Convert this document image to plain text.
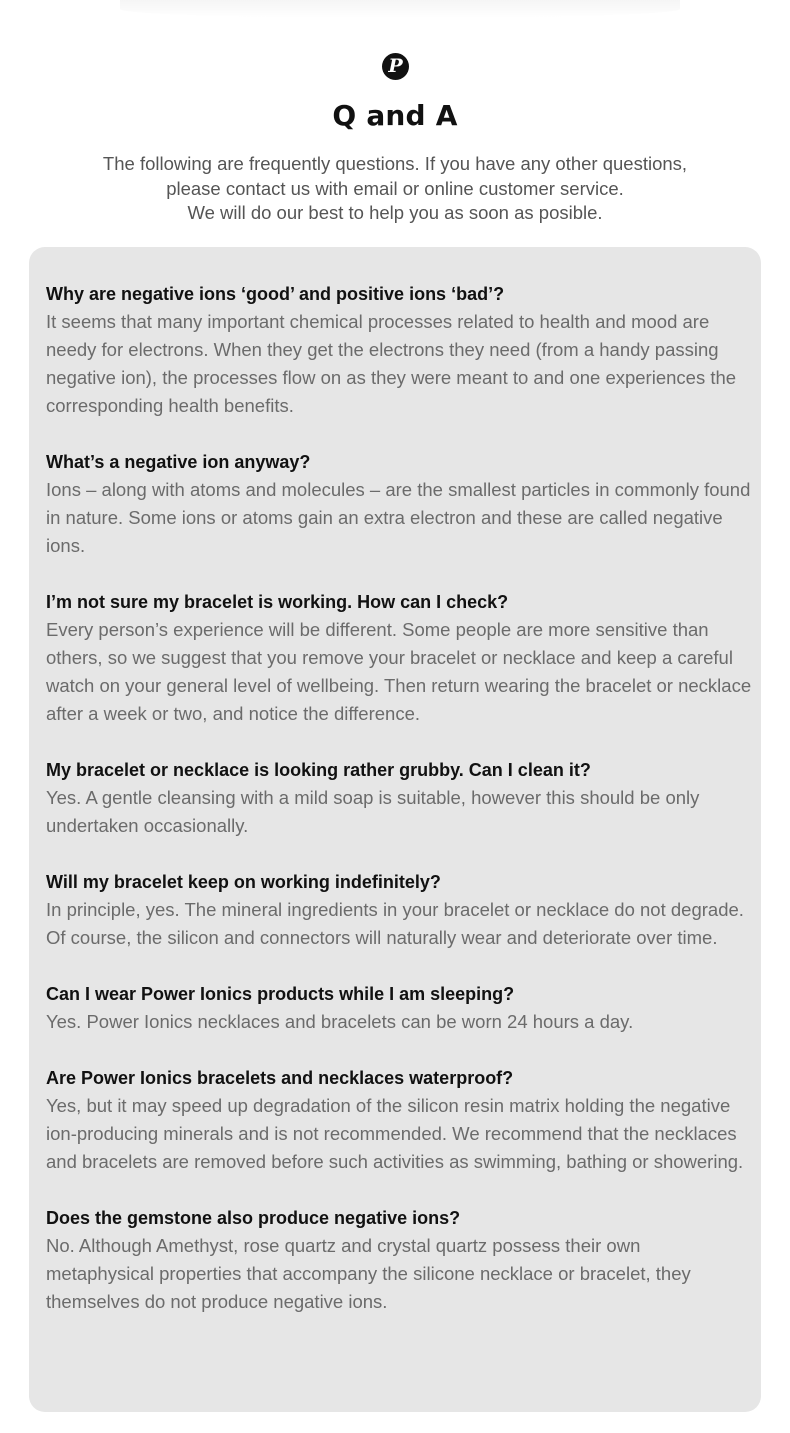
P
Q and A
The following are frequently questions. If you have any other questions,
please contact us with email or online customer service.
We will do our best to help you as soon as posible.
Why are negative ions ‘good’ and positive ions ‘bad’?
It seems that many important chemical processes related to health and mood are needy for electrons. When they get the electrons they need (from a handy passing negative ion), the processes flow on as they were meant to and one experiences the corresponding health benefits.
What’s a negative ion anyway?
Ions – along with atoms and molecules – are the smallest particles in commonly found in nature. Some ions or atoms gain an extra electron and these are called negative ions.
I’m not sure my bracelet is working. How can I check?
Every person’s experience will be different. Some people are more sensitive than others, so we suggest that you remove your bracelet or necklace and keep a careful watch on your general level of wellbeing. Then return wearing the bracelet or necklace after a week or two, and notice the difference.
My bracelet or necklace is looking rather grubby. Can I clean it?
Yes. A gentle cleansing with a mild soap is suitable, however this should be only undertaken occasionally.
Will my bracelet keep on working indefinitely?
In principle, yes. The mineral ingredients in your bracelet or necklace do not degrade. Of course, the silicon and connectors will naturally wear and deteriorate over time.
Can I wear Power Ionics products while I am sleeping?
Yes. Power Ionics necklaces and bracelets can be worn 24 hours a day.
Are Power Ionics bracelets and necklaces waterproof?
Yes, but it may speed up degradation of the silicon resin matrix holding the negative ion-producing minerals and is not recommended. We recommend that the necklaces and bracelets are removed before such activities as swimming, bathing or showering.
Does the gemstone also produce negative ions?
No. Although Amethyst, rose quartz and crystal quartz possess their own metaphysical properties that accompany the silicone necklace or bracelet, they themselves do not produce negative ions.
